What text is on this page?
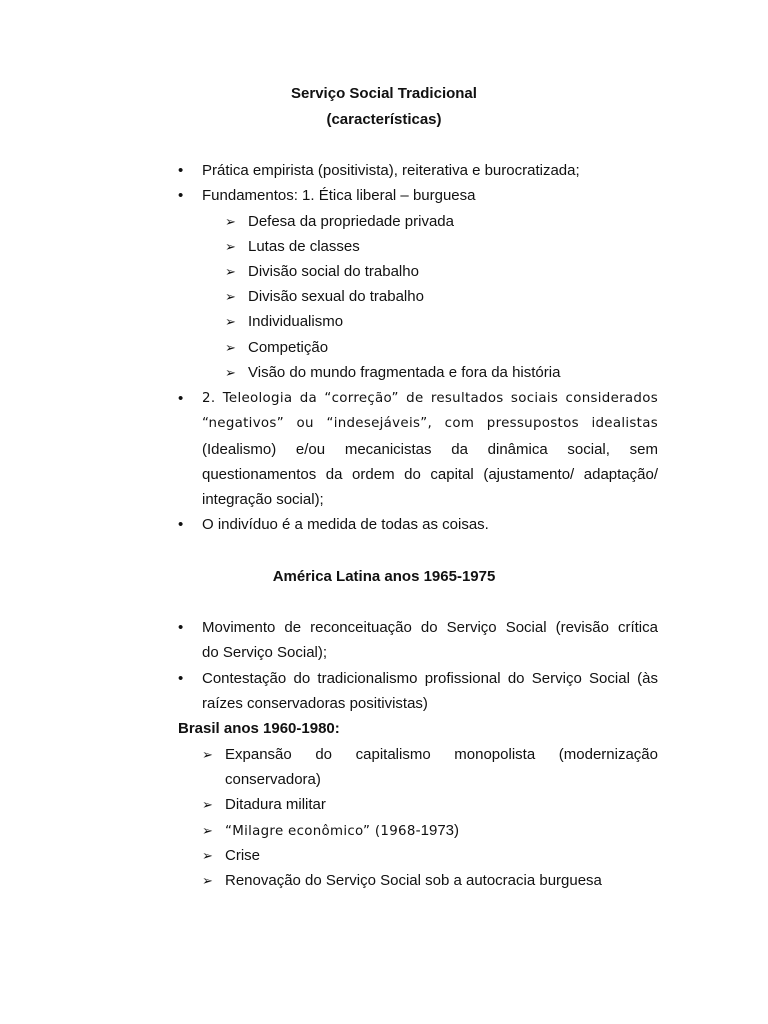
Serviço Social Tradicional
(características)
• Prática empirista (positivista), reiterativa e burocratizada;
• Fundamentos: 1. Ética liberal – burguesa
➢ Defesa da propriedade privada
➢ Lutas de classes
➢ Divisão social do trabalho
➢ Divisão sexual do trabalho
➢ Individualismo
➢ Competição
➢ Visão do mundo fragmentada e fora da história
• 2. Teleologia da “correção” de resultados sociais considerados
“negativos” ou “indesejáveis”, com pressupostos idealistas
(Idealismo) e/ou mecanicistas da dinâmica social, sem
questionamentos da ordem do capital (ajustamento/ adaptação/
integração social);
• O indivíduo é a medida de todas as coisas.
América Latina anos 1965-1975
• Movimento de reconceituação do Serviço Social (revisão crítica
do Serviço Social);
• Contestação do tradicionalismo profissional do Serviço Social (às
raízes conservadoras positivistas)
Brasil anos 1960-1980:
➢ Expansão do capitalismo monopolista (modernização
conservadora)
➢ Ditadura militar
➢ “Milagre econômico” (1968-1973)
➢ Crise
➢ Renovação do Serviço Social sob a autocracia burguesa
